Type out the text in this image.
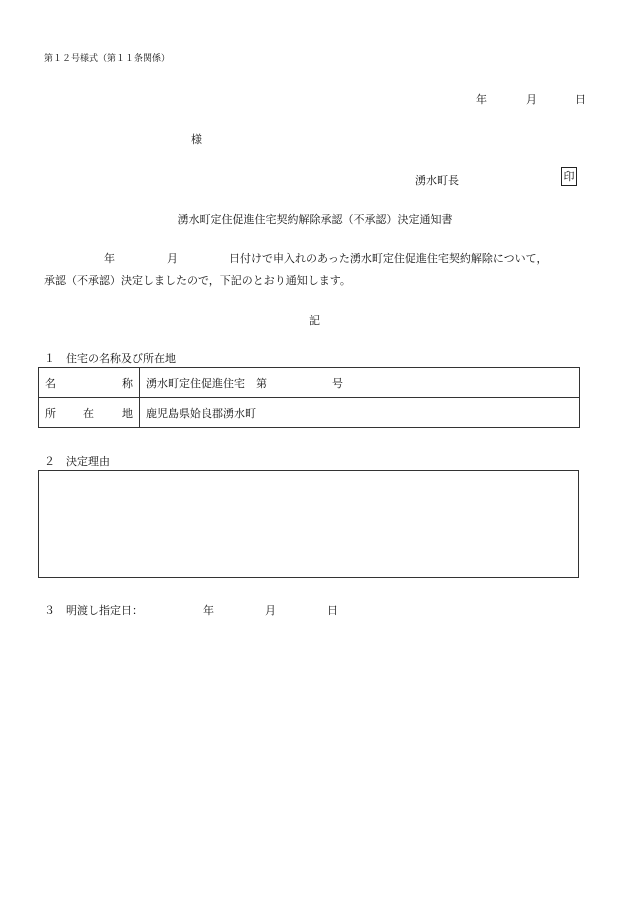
第１２号様式（第１１条関係）
年	月	日
様
湧水町長	印
湧水町定住促進住宅契約解除承認（不承認）決定通知書
年	月	日付けで申入れのあった湧水町定住促進住宅契約解除について，
承認（不承認）決定しましたので，下記のとおり通知します。
記
１　住宅の名称及び所在地
名 称	湧水町定住促進住宅　第 号

所 在 地	鹿児島県姶良郡湧水町
２　決定理由
３　明渡し指定日：	年	月	日
